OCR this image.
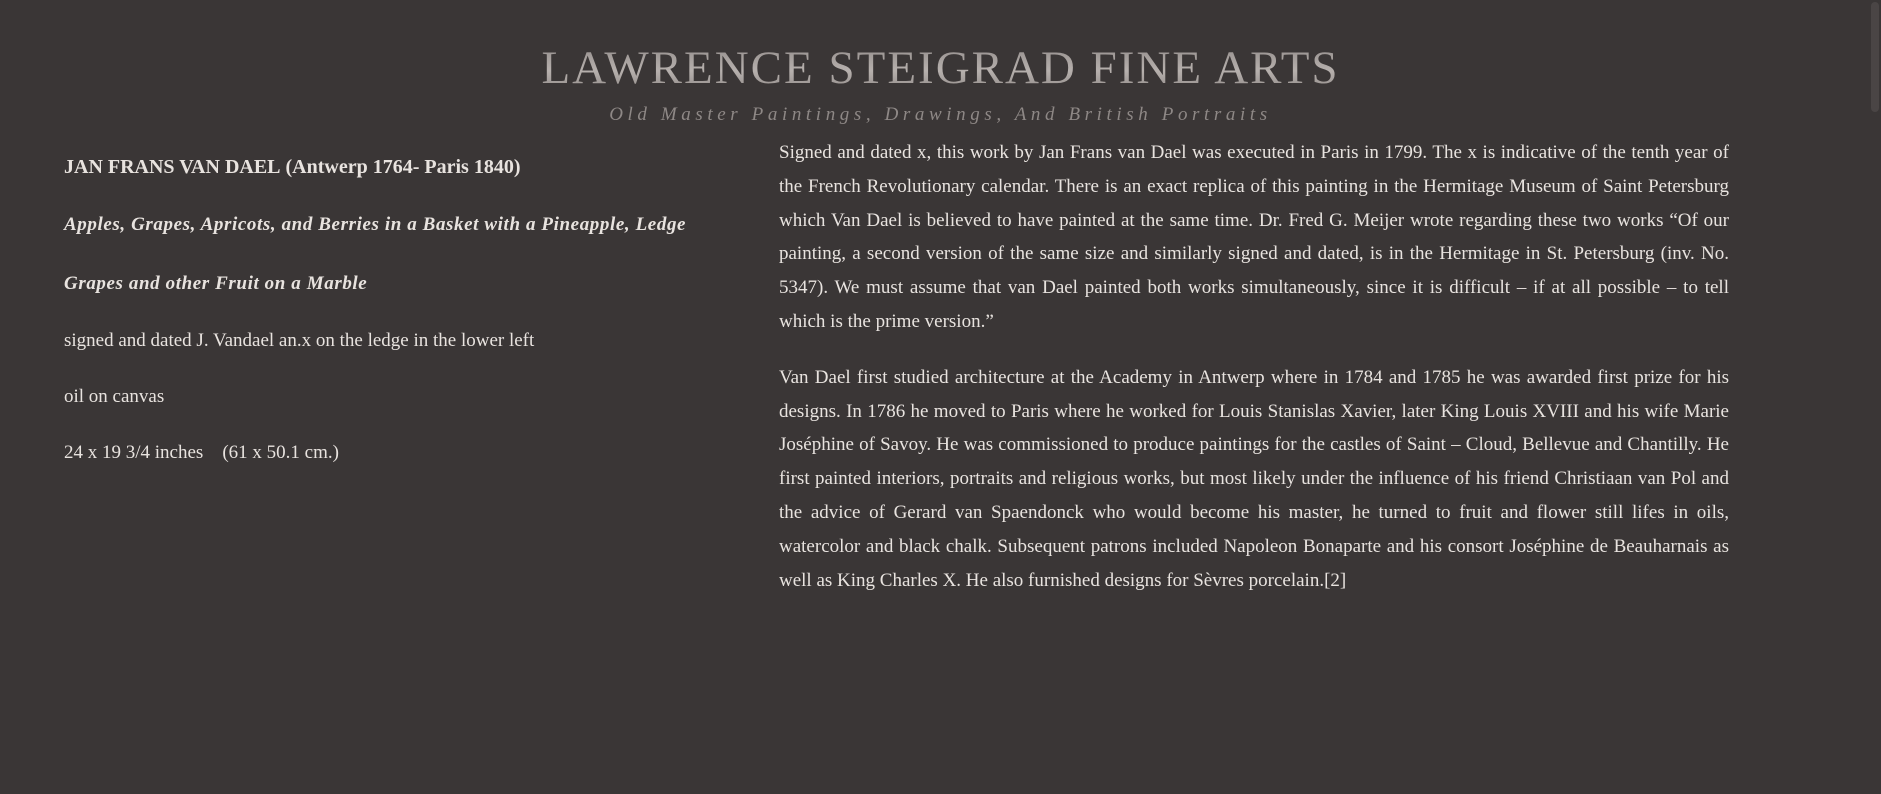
LAWRENCE STEIGRAD FINE ARTS
Old Master Paintings, Drawings, And British Portraits
JAN FRANS VAN DAEL (Antwerp 1764- Paris 1840)
Apples, Grapes, Apricots, and Berries in a Basket with a Pineapple, Ledge
Grapes and other Fruit on a Marble
signed and dated J. Vandael an.x on the ledge in the lower left
oil on canvas
24 x 19 3/4 inches    (61 x 50.1 cm.)

Signed and dated x, this work by Jan Frans van Dael was executed in Paris in 1799. The x is indicative of the tenth year of the French Revolutionary calendar. There is an exact replica of this painting in the Hermitage Museum of Saint Petersburg which Van Dael is believed to have painted at the same time. Dr. Fred G. Meijer wrote regarding these two works “Of our painting, a second version of the same size and similarly signed and dated, is in the Hermitage in St. Petersburg (inv. No. 5347). We must assume that van Dael painted both works simultaneously, since it is difficult – if at all possible – to tell which is the prime version.”

Van Dael first studied architecture at the Academy in Antwerp where in 1784 and 1785 he was awarded first prize for his designs. In 1786 he moved to Paris where he worked for Louis Stanislas Xavier, later King Louis XVIII and his wife Marie Joséphine of Savoy. He was commissioned to produce paintings for the castles of Saint – Cloud, Bellevue and Chantilly. He first painted interiors, portraits and religious works, but most likely under the influence of his friend Christiaan van Pol and the advice of Gerard van Spaendonck who would become his master, he turned to fruit and flower still lifes in oils, watercolor and black chalk. Subsequent patrons included Napoleon Bonaparte and his consort Joséphine de Beauharnais as well as King Charles X. He also furnished designs for Sèvres porcelain.[2]
